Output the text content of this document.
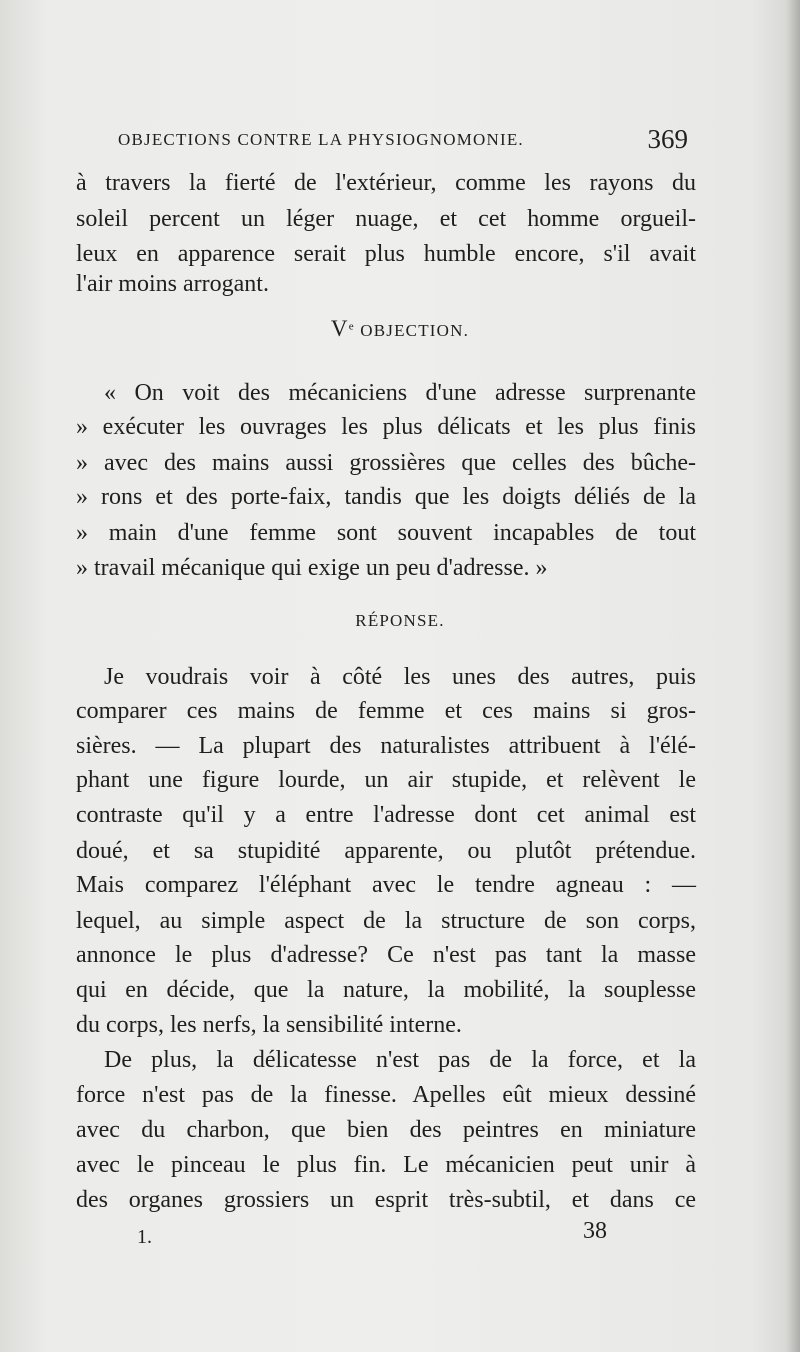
OBJECTIONS CONTRE LA PHYSIOGNOMONIE.	369
à travers la fierté de l'extérieur, comme les rayons du
soleil percent un léger nuage, et cet homme orgueil-
leux en apparence serait plus humble encore, s'il avait
l'air moins arrogant.
Ve OBJECTION.
« On voit des mécaniciens d'une adresse surprenante
» exécuter les ouvrages les plus délicats et les plus finis
» avec des mains aussi grossières que celles des bûche-
» rons et des porte-faix, tandis que les doigts déliés de la
» main d'une femme sont souvent incapables de tout
» travail mécanique qui exige un peu d'adresse. »
RÉPONSE.
Je voudrais voir à côté les unes des autres, puis
comparer ces mains de femme et ces mains si gros-
sières. — La plupart des naturalistes attribuent à l'élé-
phant une figure lourde, un air stupide, et relèvent le
contraste qu'il y a entre l'adresse dont cet animal est
doué, et sa stupidité apparente, ou plutôt prétendue.
Mais comparez l'éléphant avec le tendre agneau : —
lequel, au simple aspect de la structure de son corps,
annonce le plus d'adresse? Ce n'est pas tant la masse
qui en décide, que la nature, la mobilité, la souplesse
du corps, les nerfs, la sensibilité interne.
De plus, la délicatesse n'est pas de la force, et la
force n'est pas de la finesse. Apelles eût mieux dessiné
avec du charbon, que bien des peintres en miniature
avec le pinceau le plus fin. Le mécanicien peut unir à
des organes grossiers un esprit très-subtil, et dans ce
1.	38
